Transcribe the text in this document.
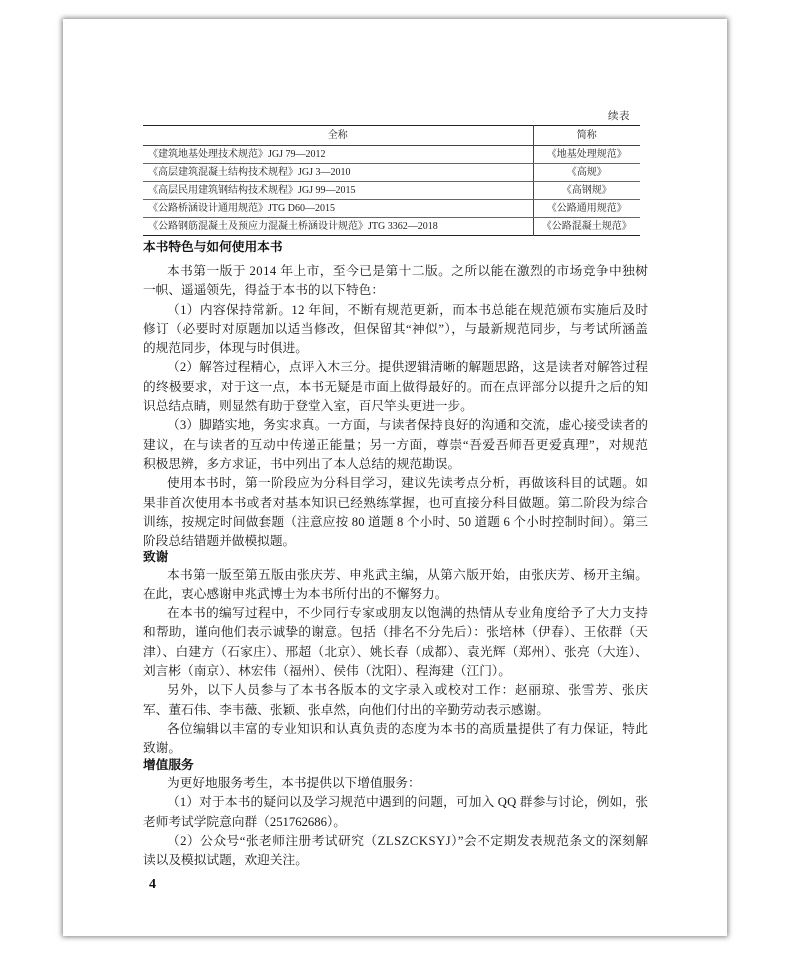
续表
全称	简称
《建筑地基处理技术规范》JGJ 79—2012	《地基处理规范》
《高层建筑混凝土结构技术规程》JGJ 3—2010	《高规》
《高层民用建筑钢结构技术规程》JGJ 99—2015	《高钢规》
《公路桥涵设计通用规范》JTG D60—2015	《公路通用规范》
《公路钢筋混凝土及预应力混凝土桥涵设计规范》JTG 3362—2018	《公路混凝土规范》
本书特色与如何使用本书
本书第一版于 2014 年上市，至今已是第十二版。之所以能在激烈的市场竞争中独树
一帜、遥遥领先，得益于本书的以下特色：
（1）内容保持常新。12 年间，不断有规范更新，而本书总能在规范颁布实施后及时
修订（必要时对原题加以适当修改，但保留其“神似”），与最新规范同步，与考试所涵盖
的规范同步，体现与时俱进。
（2）解答过程精心，点评入木三分。提供逻辑清晰的解题思路，这是读者对解答过程
的终极要求，对于这一点，本书无疑是市面上做得最好的。而在点评部分以提升之后的知
识总结点睛，则显然有助于登堂入室，百尺竿头更进一步。
（3）脚踏实地，务实求真。一方面，与读者保持良好的沟通和交流，虚心接受读者的
建议，在与读者的互动中传递正能量；另一方面，尊崇“吾爱吾师吾更爱真理”，对规范
积极思辨，多方求证，书中列出了本人总结的规范勘误。
使用本书时，第一阶段应为分科目学习，建议先读考点分析，再做该科目的试题。如
果非首次使用本书或者对基本知识已经熟练掌握，也可直接分科目做题。第二阶段为综合
训练，按规定时间做套题（注意应按 80 道题 8 个小时、50 道题 6 个小时控制时间）。第三
阶段总结错题并做模拟题。
致谢
本书第一版至第五版由张庆芳、申兆武主编，从第六版开始，由张庆芳、杨开主编。
在此，衷心感谢申兆武博士为本书所付出的不懈努力。
在本书的编写过程中，不少同行专家或朋友以饱满的热情从专业角度给予了大力支持
和帮助，谨向他们表示诚挚的谢意。包括（排名不分先后）：张培林（伊春）、王依群（天
津）、白建方（石家庄）、邢超（北京）、姚长春（成都）、袁光辉（郑州）、张亮（大连）、
刘言彬（南京）、林宏伟（福州）、侯伟（沈阳）、程海建（江门）。
另外，以下人员参与了本书各版本的文字录入或校对工作：赵丽琼、张雪芳、张庆
军、董石伟、李韦薇、张颖、张卓然，向他们付出的辛勤劳动表示感谢。
各位编辑以丰富的专业知识和认真负责的态度为本书的高质量提供了有力保证，特此
致谢。
增值服务
为更好地服务考生，本书提供以下增值服务：
（1）对于本书的疑问以及学习规范中遇到的问题，可加入 QQ 群参与讨论，例如，张
老师考试学院意向群（251762686）。
（2）公众号“张老师注册考试研究（ZLSZCKSYJ）”会不定期发表规范条文的深刻解
读以及模拟试题，欢迎关注。
4
